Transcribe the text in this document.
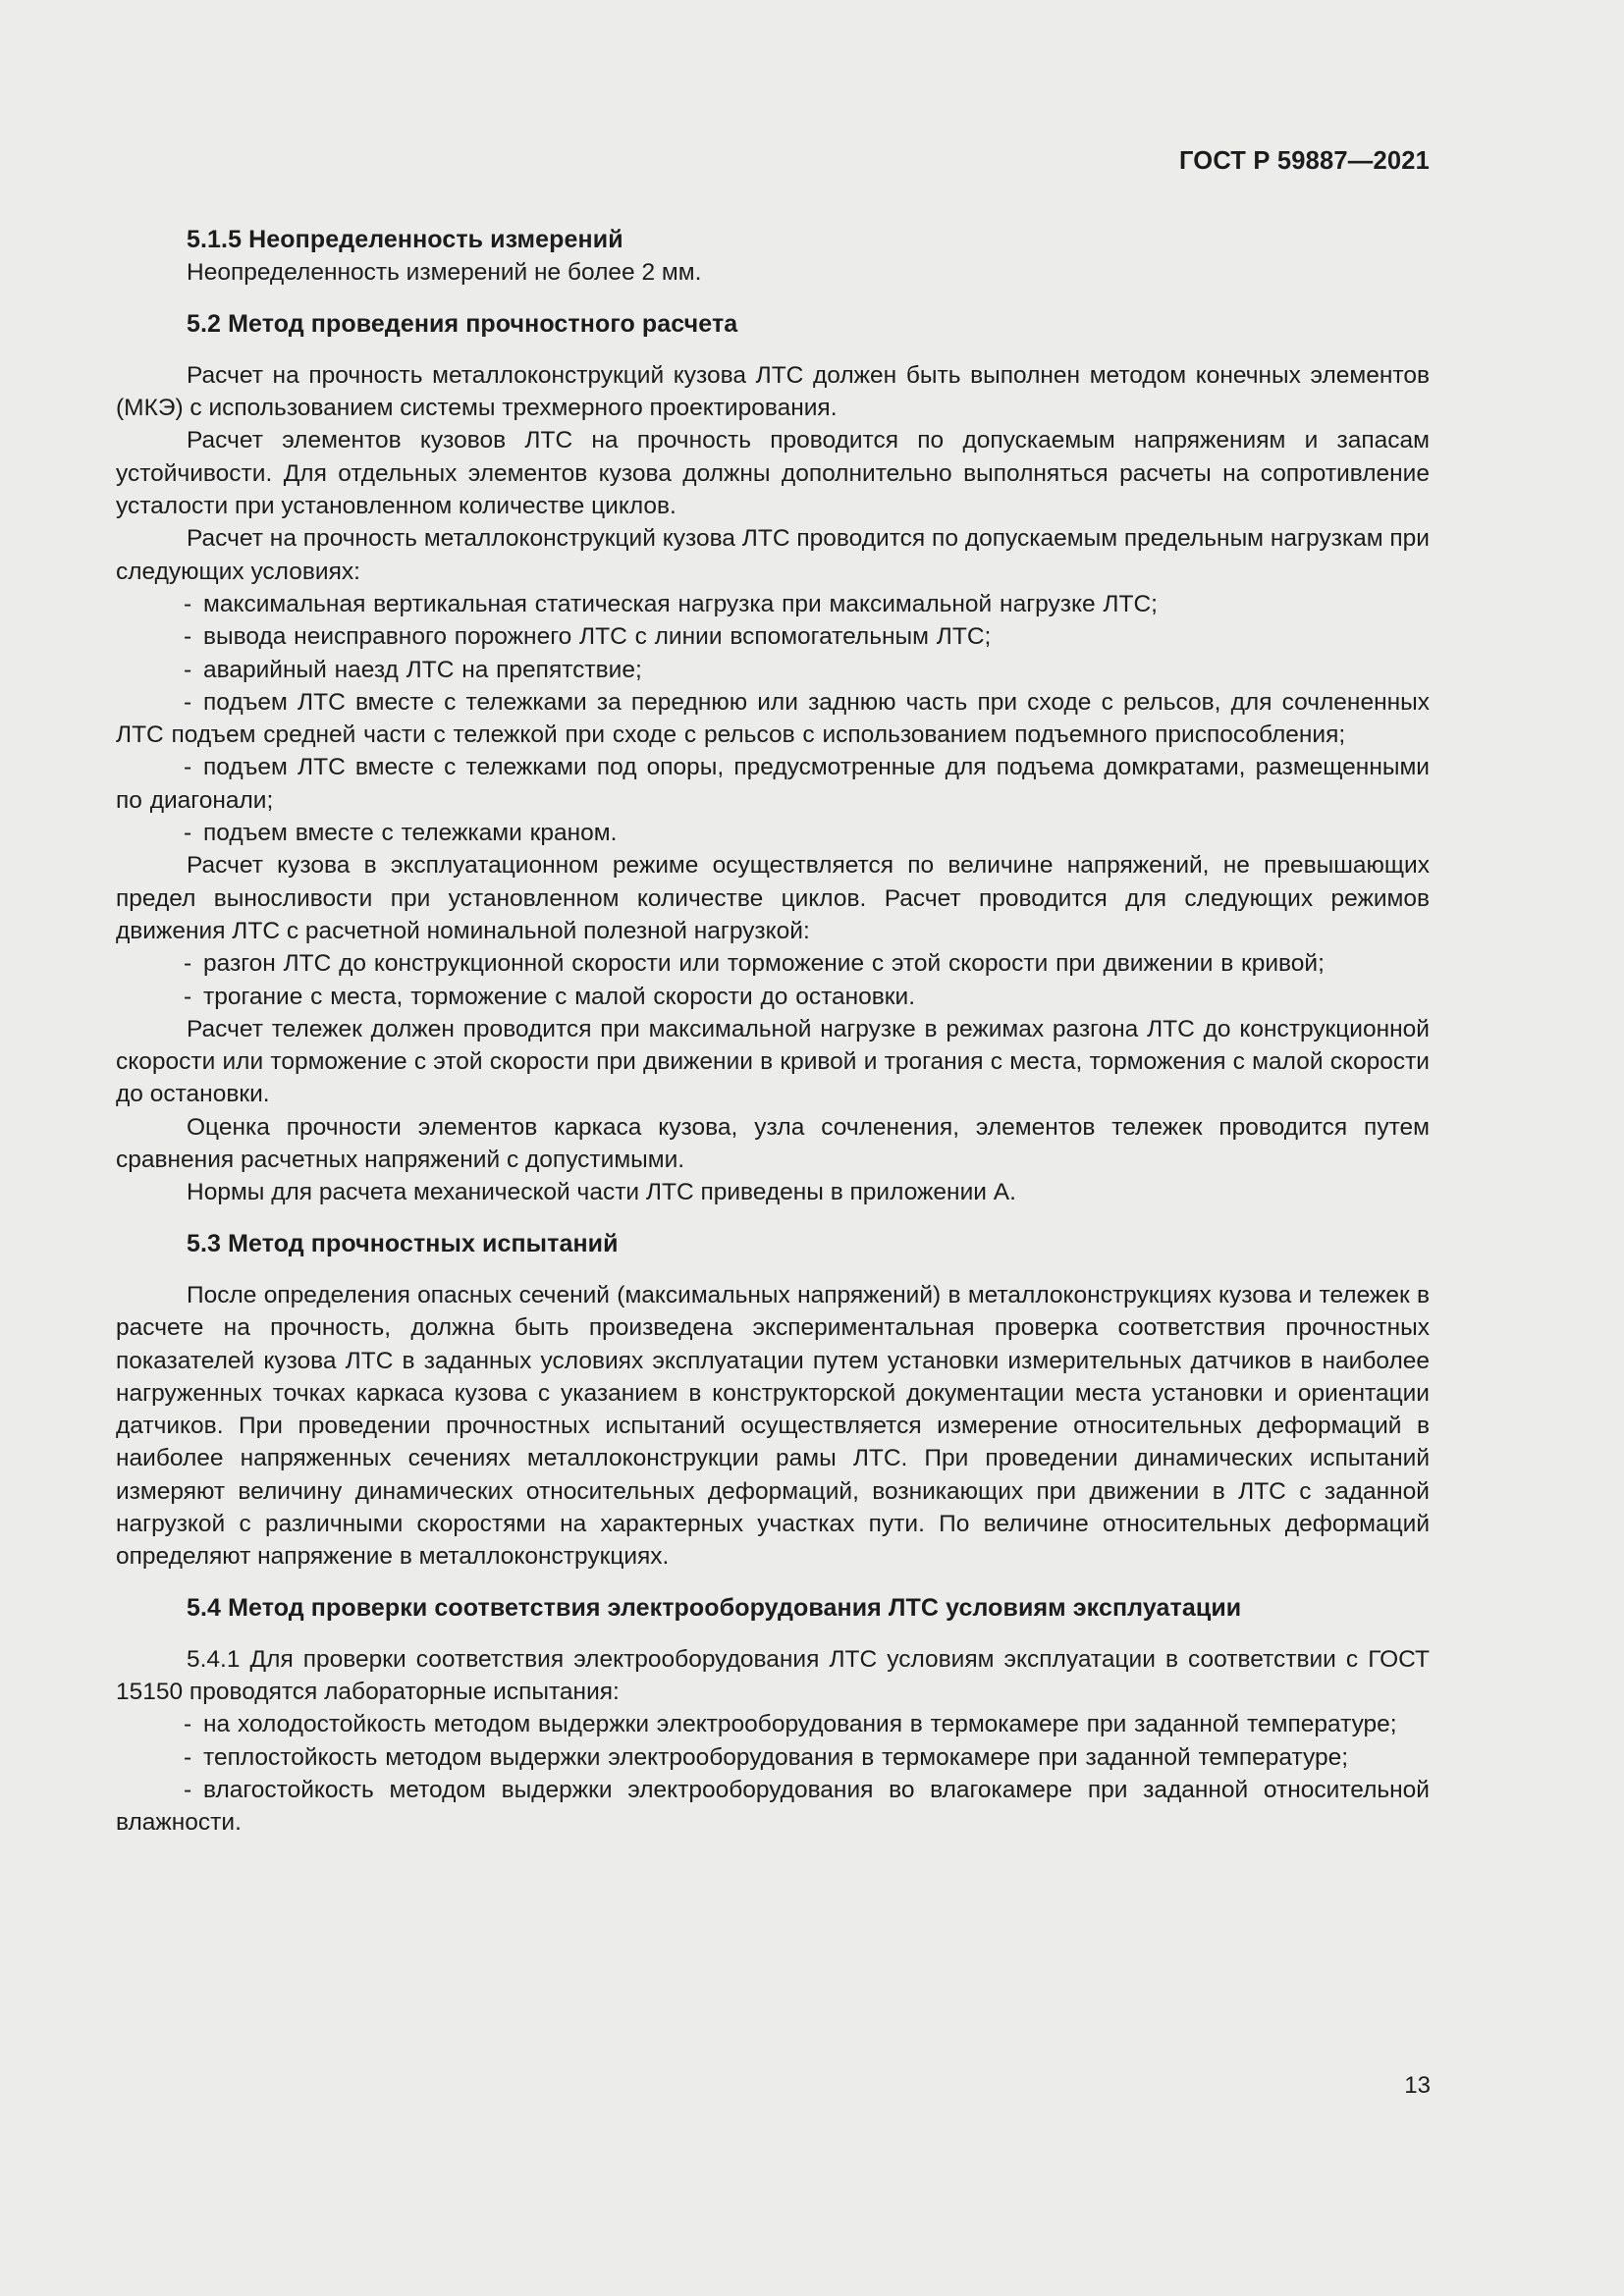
ГОСТ Р 59887—2021

5.1.5 Неопределенность измерений

Неопределенность измерений не более 2 мм.

5.2 Метод проведения прочностного расчета

Расчет на прочность металлоконструкций кузова ЛТС должен быть выполнен методом конечных элементов (МКЭ) с использованием системы трехмерного проектирования.

Расчет элементов кузовов ЛТС на прочность проводится по допускаемым напряжениям и запасам устойчивости. Для отдельных элементов кузова должны дополнительно выполняться расчеты на сопротивление усталости при установленном количестве циклов.

Расчет на прочность металлоконструкций кузова ЛТС проводится по допускаемым предельным нагрузкам при следующих условиях:

- максимальная вертикальная статическая нагрузка при максимальной нагрузке ЛТС;

- вывода неисправного порожнего ЛТС с линии вспомогательным ЛТС;

- аварийный наезд ЛТС на препятствие;

- подъем ЛТС вместе с тележками за переднюю или заднюю часть при сходе с рельсов, для сочлененных ЛТС подъем средней части с тележкой при сходе с рельсов с использованием подъемного приспособления;

- подъем ЛТС вместе с тележками под опоры, предусмотренные для подъема домкратами, размещенными по диагонали;

- подъем вместе с тележками краном.

Расчет кузова в эксплуатационном режиме осуществляется по величине напряжений, не превышающих предел выносливости при установленном количестве циклов. Расчет проводится для следующих режимов движения ЛТС с расчетной номинальной полезной нагрузкой:

- разгон ЛТС до конструкционной скорости или торможение с этой скорости при движении в кривой;

- трогание с места, торможение с малой скорости до остановки.

Расчет тележек должен проводится при максимальной нагрузке в режимах разгона ЛТС до конструкционной скорости или торможение с этой скорости при движении в кривой и трогания с места, торможения с малой скорости до остановки.

Оценка прочности элементов каркаса кузова, узла сочленения, элементов тележек проводится путем сравнения расчетных напряжений с допустимыми.

Нормы для расчета механической части ЛТС приведены в приложении А.

5.3 Метод прочностных испытаний

После определения опасных сечений (максимальных напряжений) в металлоконструкциях кузова и тележек в расчете на прочность, должна быть произведена экспериментальная проверка соответствия прочностных показателей кузова ЛТС в заданных условиях эксплуатации путем установки измерительных датчиков в наиболее нагруженных точках каркаса кузова с указанием в конструкторской документации места установки и ориентации датчиков. При проведении прочностных испытаний осуществляется измерение относительных деформаций в наиболее напряженных сечениях металлоконструкции рамы ЛТС. При проведении динамических испытаний измеряют величину динамических относительных деформаций, возникающих при движении в ЛТС с заданной нагрузкой с различными скоростями на характерных участках пути. По величине относительных деформаций определяют напряжение в металлоконструкциях.

5.4 Метод проверки соответствия электрооборудования ЛТС условиям эксплуатации

5.4.1 Для проверки соответствия электрооборудования ЛТС условиям эксплуатации в соответствии с ГОСТ 15150 проводятся лабораторные испытания:

- на холодостойкость методом выдержки электрооборудования в термокамере при заданной температуре;

- теплостойкость методом выдержки электрооборудования в термокамере при заданной температуре;

- влагостойкость методом выдержки электрооборудования во влагокамере при заданной относительной влажности.

13
